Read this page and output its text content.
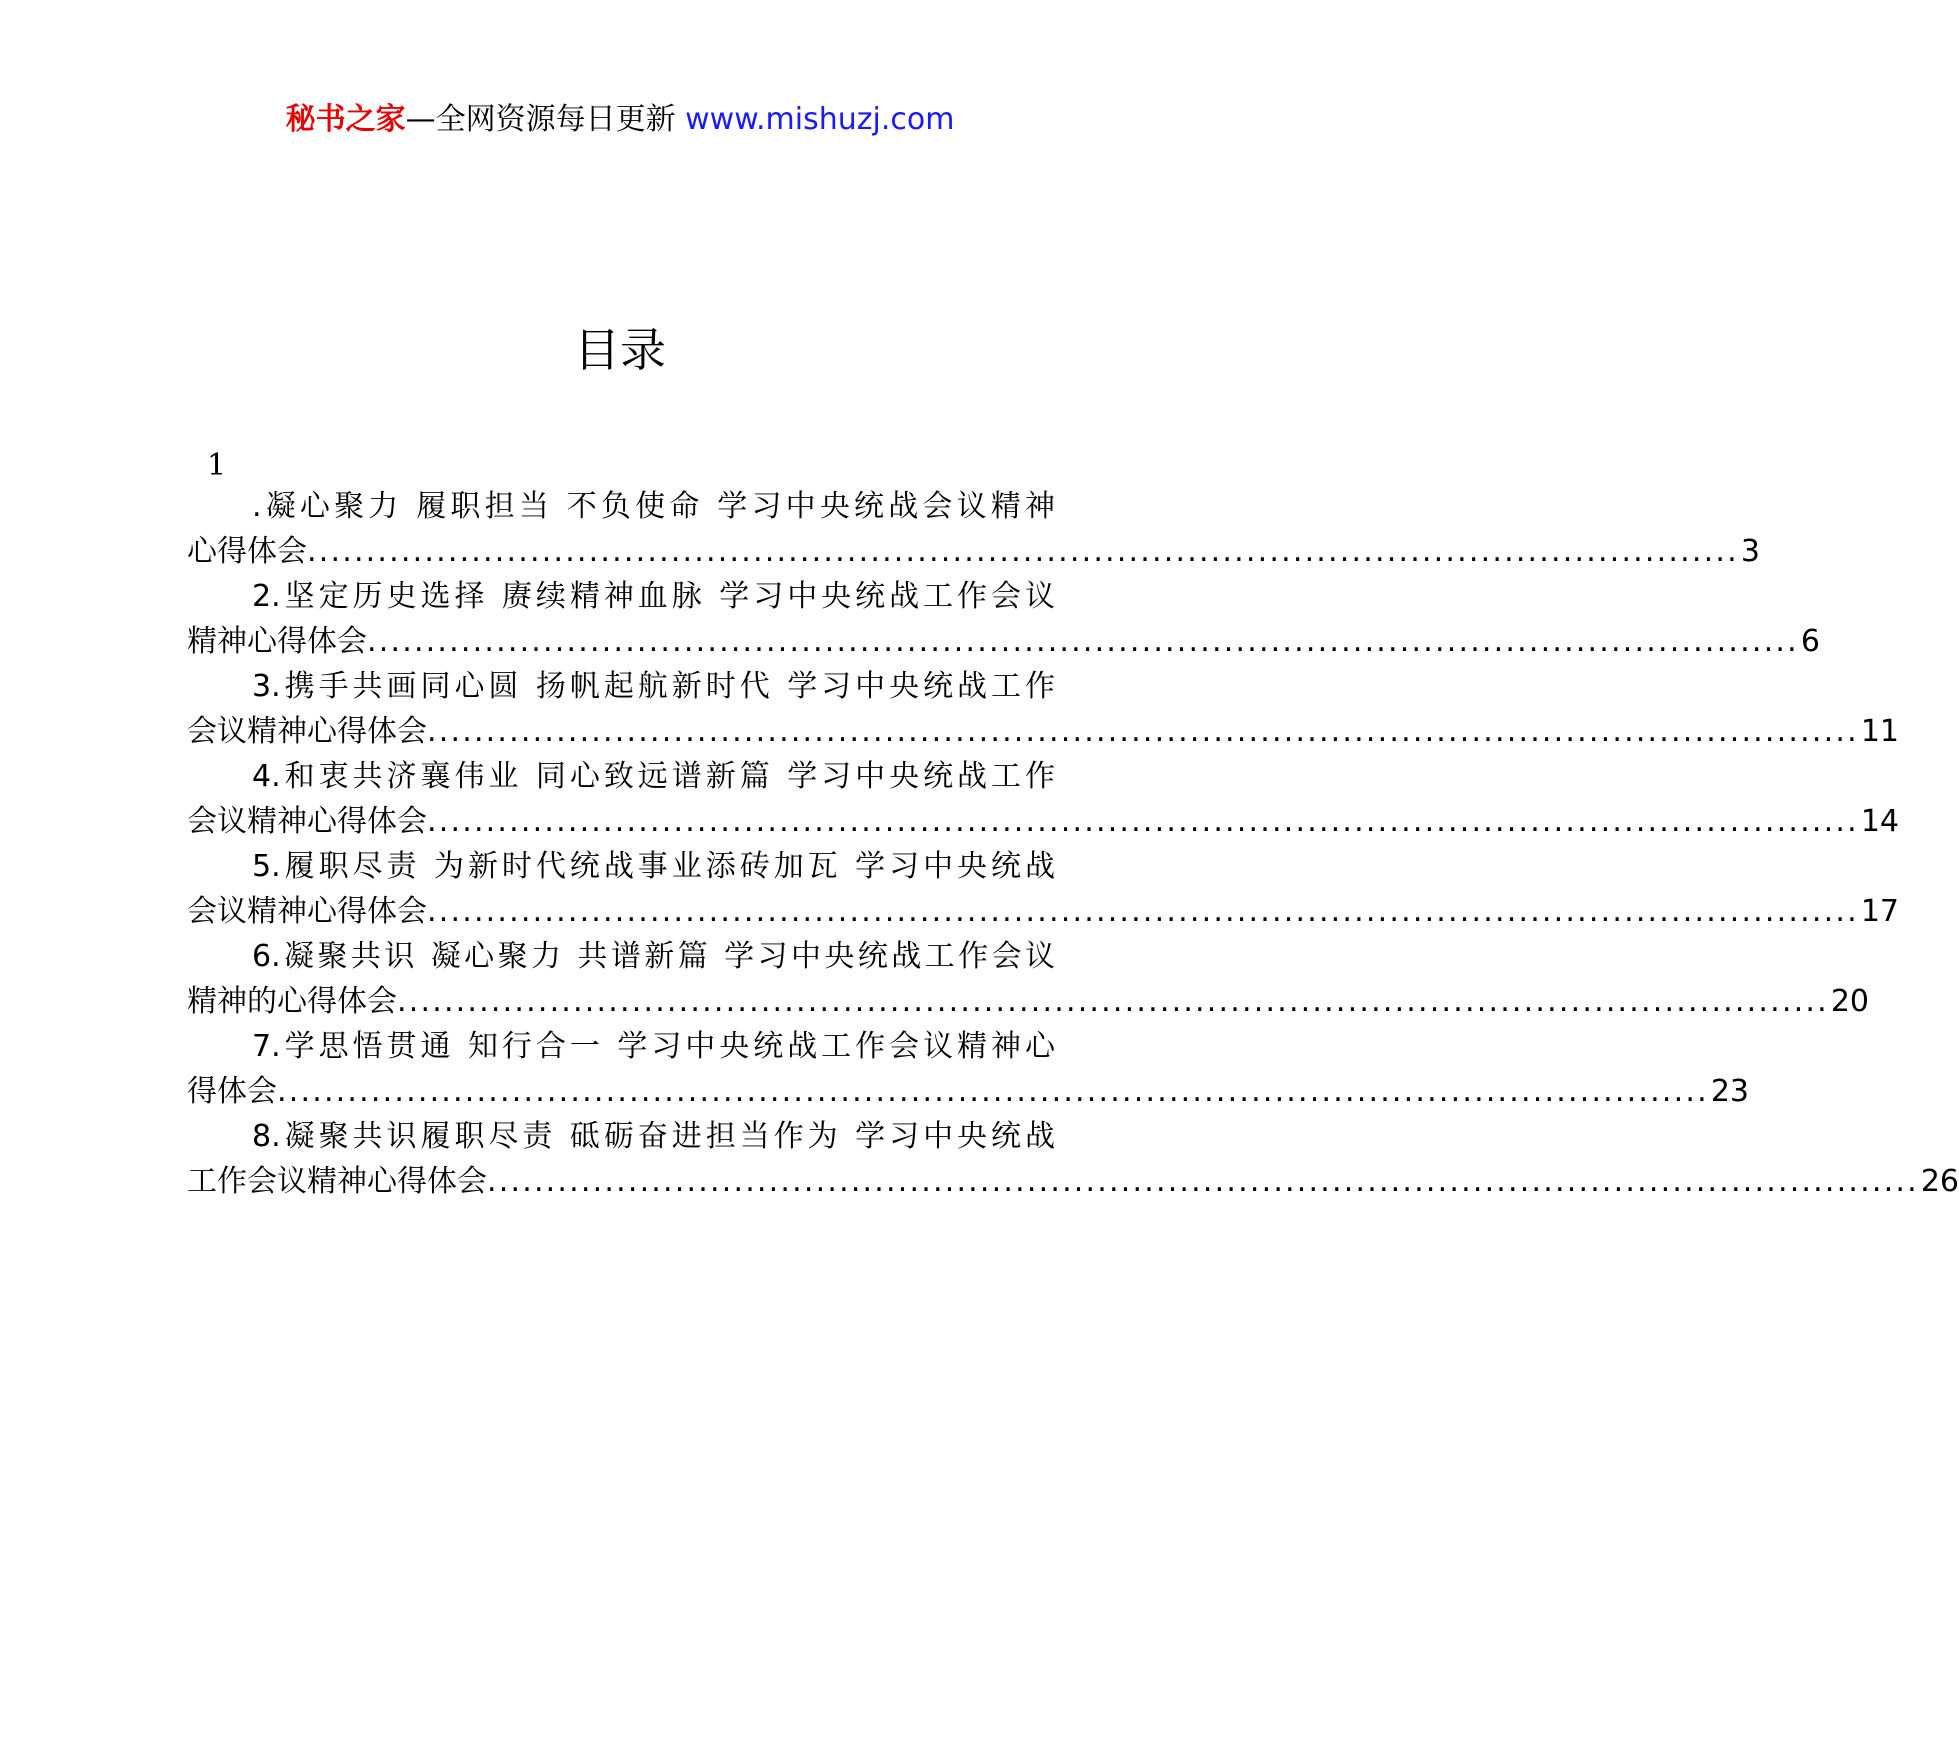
秘书之家—全网资源每日更新 www.mishuzj.com
目录
1
.凝心聚力 履职担当 不负使命 学习中央统战会议精神
心得体会 .......................................................................................................................... 3
2.坚定历史选择 赓续精神血脉 学习中央统战工作会议
精神心得体会 .......................................................................................................................... 6
3.携手共画同心圆 扬帆起航新时代 学习中央统战工作
会议精神心得体会 .......................................................................................................................... 11
4.和衷共济襄伟业 同心致远谱新篇 学习中央统战工作
会议精神心得体会 .......................................................................................................................... 14
5.履职尽责 为新时代统战事业添砖加瓦 学习中央统战
会议精神心得体会 .......................................................................................................................... 17
6.凝聚共识 凝心聚力 共谱新篇 学习中央统战工作会议
精神的心得体会 .......................................................................................................................... 20
7.学思悟贯通 知行合一 学习中央统战工作会议精神心
得体会 .......................................................................................................................... 23
8.凝聚共识履职尽责 砥砺奋进担当作为 学习中央统战
工作会议精神心得体会 .......................................................................................................................... 26
